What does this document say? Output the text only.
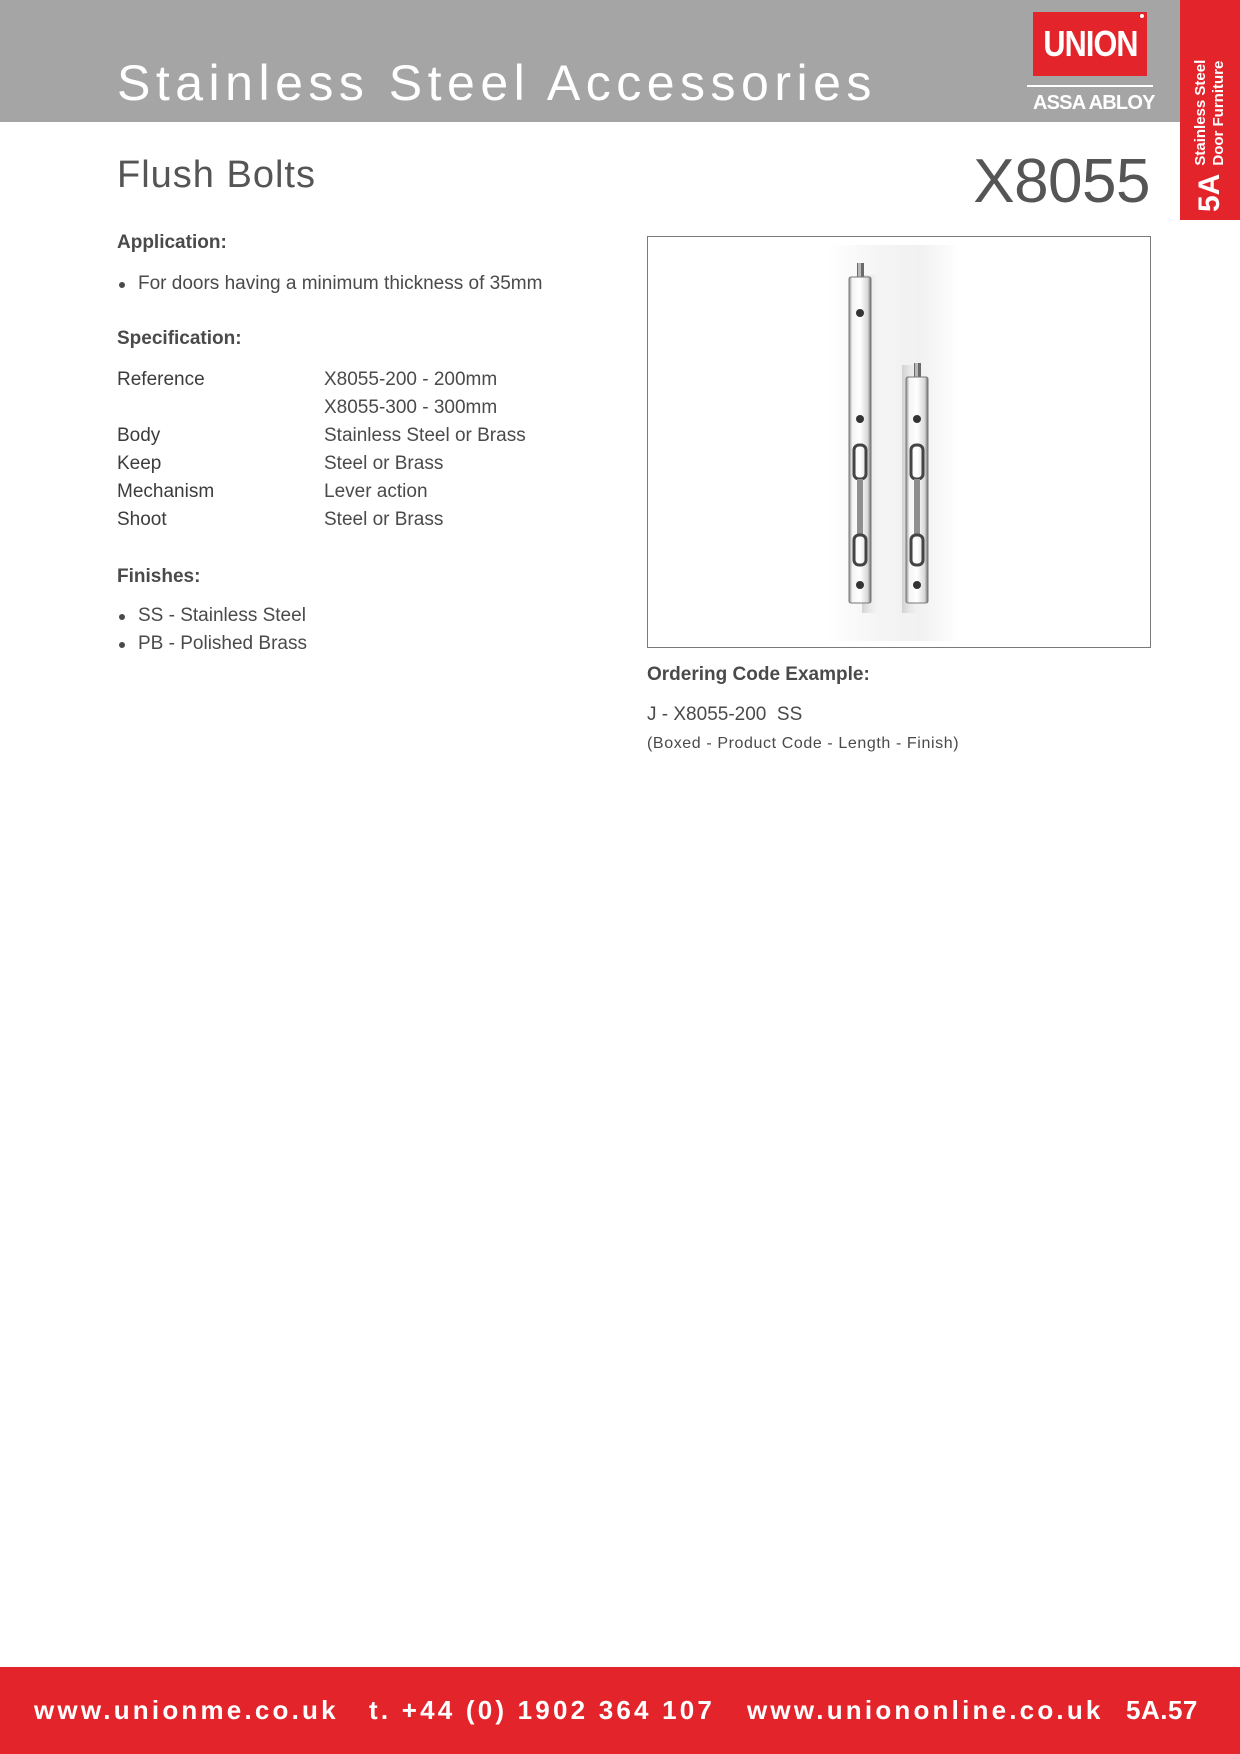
Stainless Steel Accessories
UNION
ASSA ABLOY
5A
Stainless Steel Door Furniture
Flush Bolts	X8055
Application:
For doors having a minimum thickness of 35mm
Specification:
Reference	X8055-200 - 200mm
X8055-300 - 300mm
Body	Stainless Steel or Brass
Keep	Steel or Brass
Mechanism	Lever action
Shoot	Steel or Brass
Finishes:
SS - Stainless Steel
PB - Polished Brass
Ordering Code Example:
J - X8055-200  SS
(Boxed - Product Code - Length - Finish)
www.unionme.co.uk t. +44 (0) 1902 364 107 www.uniononline.co.uk 5A.57
